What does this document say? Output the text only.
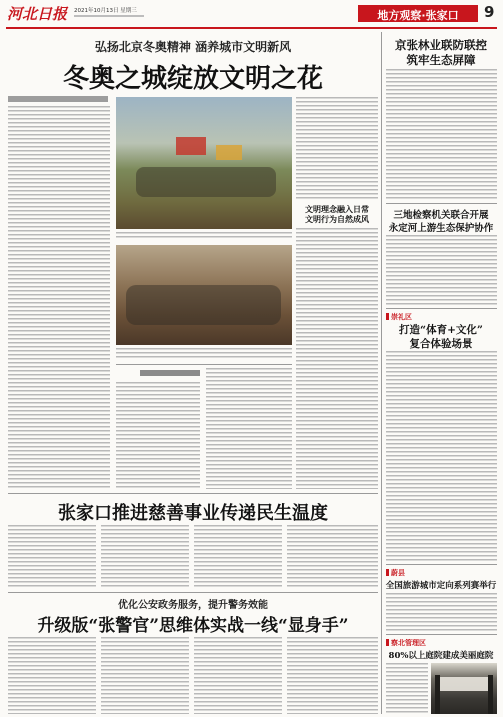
河北日报 2021年10月13日 星期三	地方观察·张家口	9
弘扬北京冬奥精神 涵养城市文明新风
冬奥之城绽放文明之花
文明理念融入日常
文明行为自然成风
张家口推进慈善事业传递民生温度
优化公安政务服务，提升警务效能
升级版“张警官”思维体实战一线“显身手”
京张林业联防联控
筑牢生态屏障
三地检察机关联合开展
永定河上游生态保护协作
崇礼区
打造“体育+文化”
复合体验场景
蔚县
全国旅游城市定向系列赛举行
察北管理区
80%以上庭院建成美丽庭院
